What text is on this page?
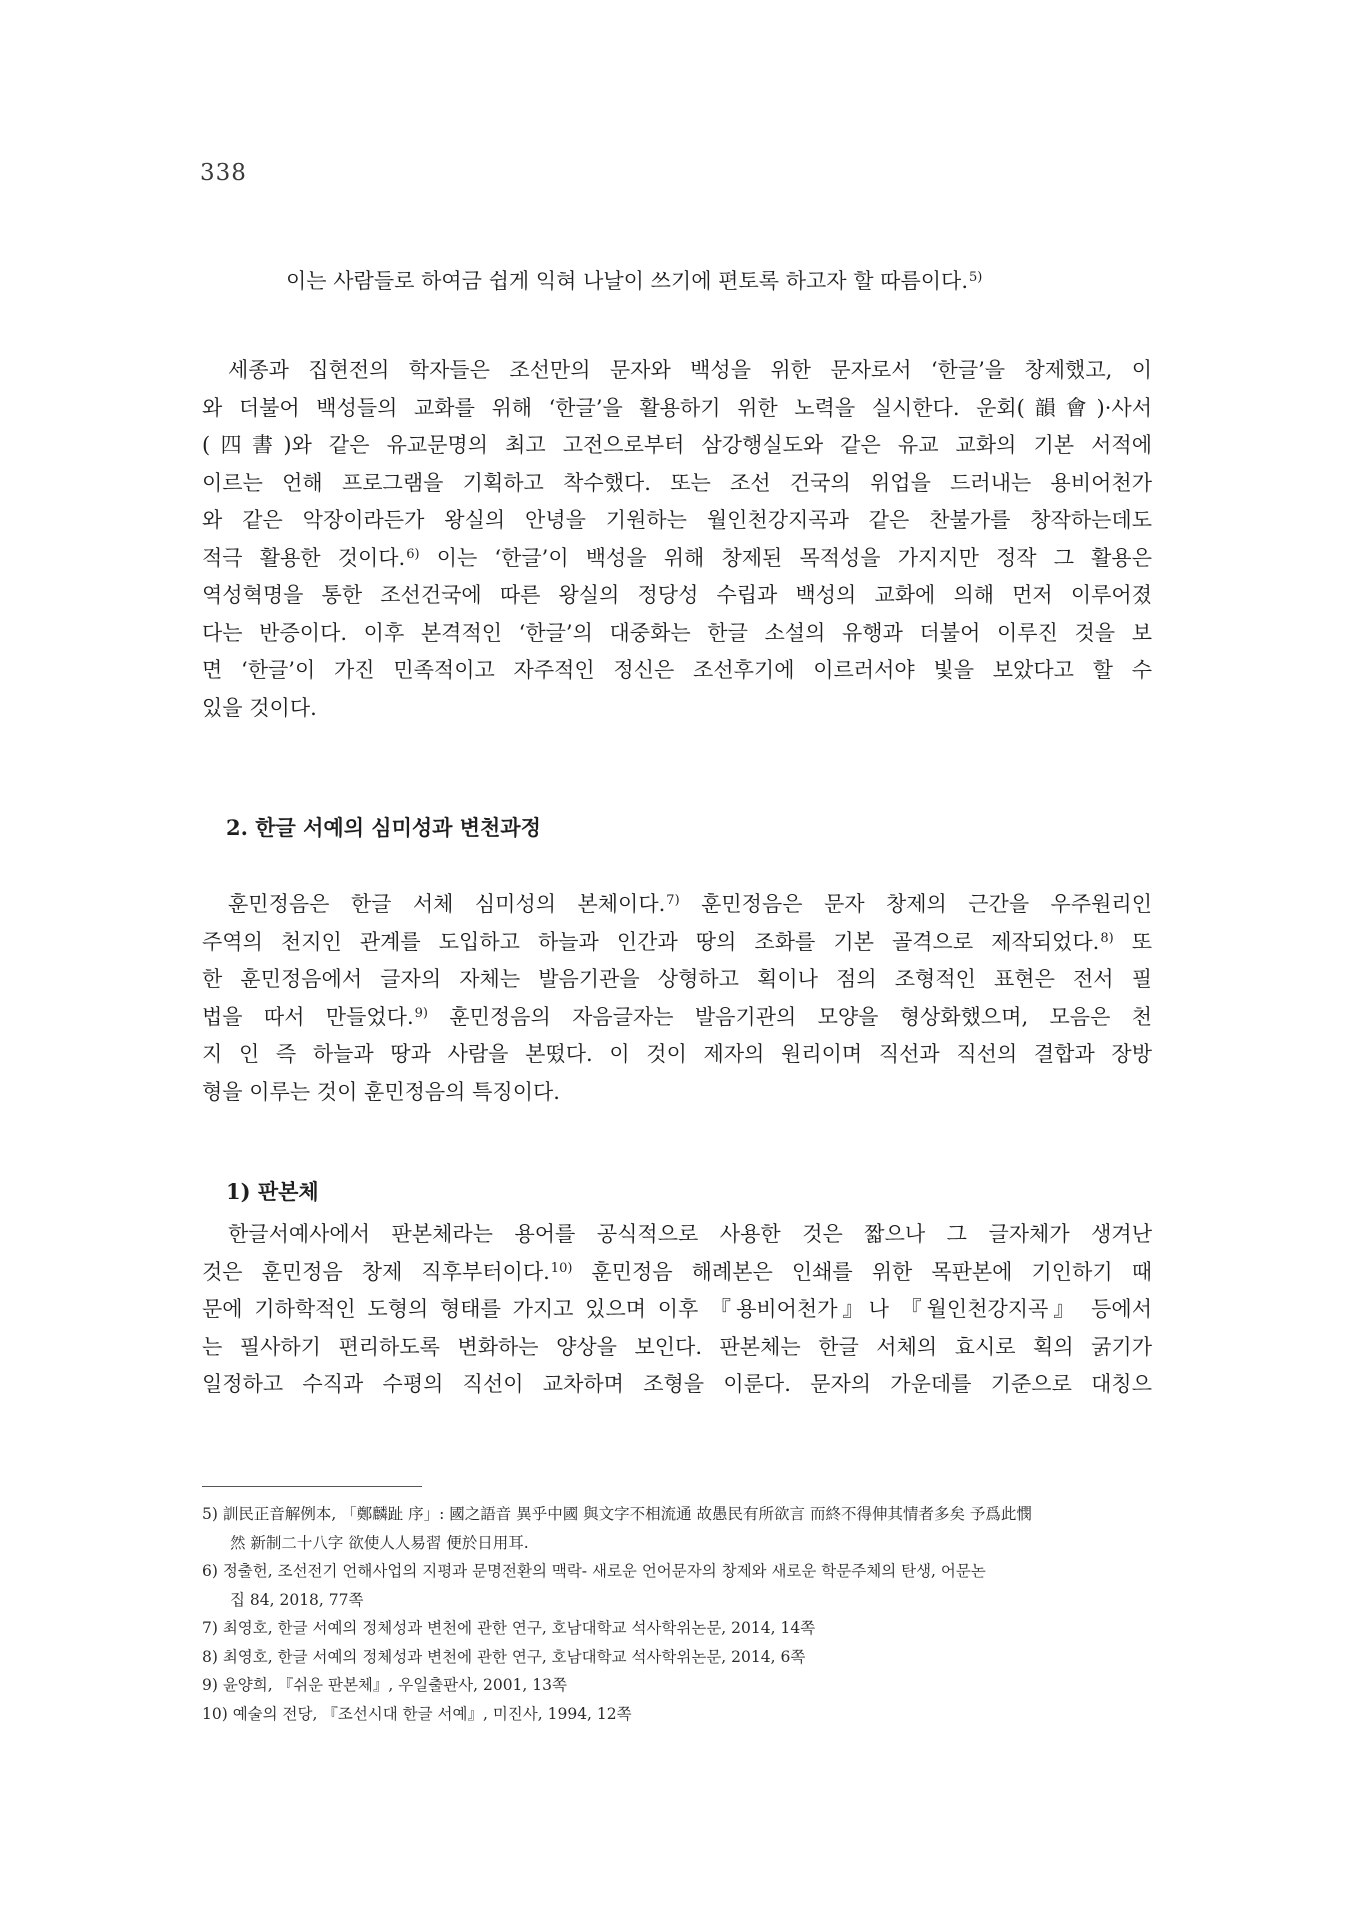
338
이는 사람들로 하여금 쉽게 익혀 나날이 쓰기에 편토록 하고자 할 따름이다.$^{5)}$
세종과 집현전의 학자들은 조선만의 문자와 백성을 위한 문자로서 ‘한글’을 창제했고, 이
와 더불어 백성들의 교화를 위해 ‘한글’을 활용하기 위한 노력을 실시한다. 운회(韻會)·사서
(四書)와 같은 유교문명의 최고 고전으로부터 삼강행실도와 같은 유교 교화의 기본 서적에
이르는 언해 프로그램을 기획하고 착수했다. 또는 조선 건국의 위업을 드러내는 용비어천가
와 같은 악장이라든가 왕실의 안녕을 기원하는 월인천강지곡과 같은 찬불가를 창작하는데도
적극 활용한 것이다.$^{6)}$ 이는 ‘한글’이 백성을 위해 창제된 목적성을 가지지만 정작 그 활용은
역성혁명을 통한 조선건국에 따른 왕실의 정당성 수립과 백성의 교화에 의해 먼저 이루어졌
다는 반증이다. 이후 본격적인 ‘한글’의 대중화는 한글 소설의 유행과 더불어 이루진 것을 보
면 ‘한글’이 가진 민족적이고 자주적인 정신은 조선후기에 이르러서야 빛을 보았다고 할 수
있을 것이다.
2. 한글 서예의 심미성과 변천과정
훈민정음은 한글 서체 심미성의 본체이다.$^{7)}$ 훈민정음은 문자 창제의 근간을 우주원리인
주역의 천지인 관계를 도입하고 하늘과 인간과 땅의 조화를 기본 골격으로 제작되었다.$^{8)}$ 또
한 훈민정음에서 글자의 자체는 발음기관을 상형하고 획이나 점의 조형적인 표현은 전서 필
법을 따서 만들었다.$^{9)}$ 훈민정음의 자음글자는 발음기관의 모양을 형상화했으며, 모음은 천
지 인 즉 하늘과 땅과 사람을 본떴다. 이 것이 제자의 원리이며 직선과 직선의 결합과 장방
형을 이루는 것이 훈민정음의 특징이다.
1) 판본체
한글서예사에서 판본체라는 용어를 공식적으로 사용한 것은 짧으나 그 글자체가 생겨난
것은 훈민정음 창제 직후부터이다.$^{10)}$ 훈민정음 해례본은 인쇄를 위한 목판본에 기인하기 때
문에 기하학적인 도형의 형태를 가지고 있으며 이후 『용비어천가』나 『월인천강지곡』 등에서
는 필사하기 편리하도록 변화하는 양상을 보인다. 판본체는 한글 서체의 효시로 획의 굵기가
일정하고 수직과 수평의 직선이 교차하며 조형을 이룬다. 문자의 가운데를 기준으로 대칭으
5) 訓民正音解例本, 「鄭麟趾 序」: 國之語音 異乎中國 與文字不相流通 故愚民有所欲言 而終不得伸其情者多矣 予爲此憫
然 新制二十八字 欲使人人易習 便於日用耳.
6) 정출헌, 조선전기 언해사업의 지평과 문명전환의 맥락- 새로운 언어문자의 창제와 새로운 학문주체의 탄생, 어문논
집 84, 2018, 77쪽
7) 최영호, 한글 서예의 정체성과 변천에 관한 연구, 호남대학교 석사학위논문, 2014, 14쪽
8) 최영호, 한글 서예의 정체성과 변천에 관한 연구, 호남대학교 석사학위논문, 2014, 6쪽
9) 윤양희, 『쉬운 판본체』, 우일출판사, 2001, 13쪽
10) 예술의 전당, 『조선시대 한글 서예』, 미진사, 1994, 12쪽
